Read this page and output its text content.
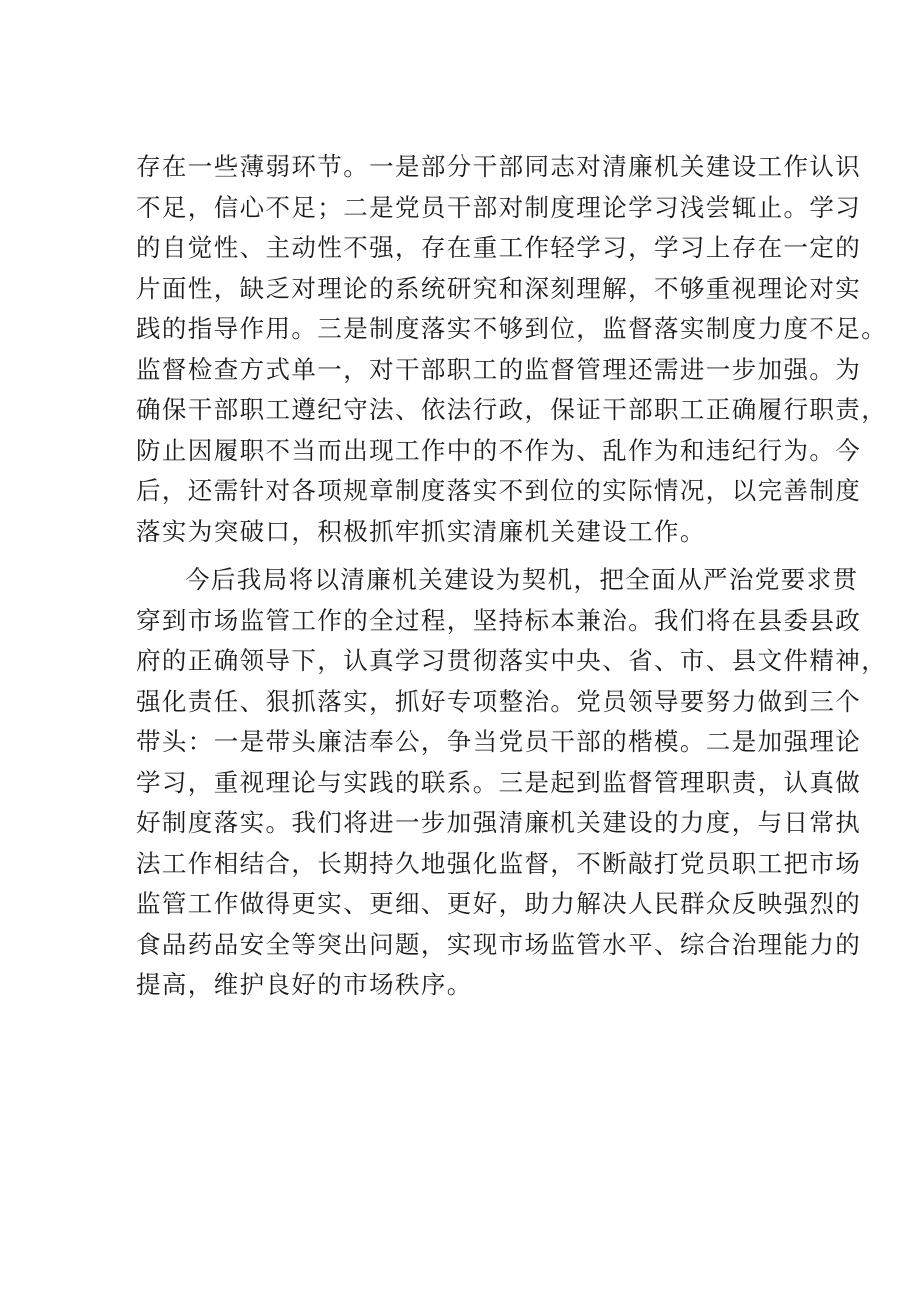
存在一些薄弱环节。一是部分干部同志对清廉机关建设工作认识
不足，信心不足；二是党员干部对制度理论学习浅尝辄止。学习
的自觉性、主动性不强，存在重工作轻学习，学习上存在一定的
片面性，缺乏对理论的系统研究和深刻理解，不够重视理论对实
践的指导作用。三是制度落实不够到位，监督落实制度力度不足。
监督检查方式单一，对干部职工的监督管理还需进一步加强。为
确保干部职工遵纪守法、依法行政，保证干部职工正确履行职责，
防止因履职不当而出现工作中的不作为、乱作为和违纪行为。今
后，还需针对各项规章制度落实不到位的实际情况，以完善制度
落实为突破口，积极抓牢抓实清廉机关建设工作。
今后我局将以清廉机关建设为契机，把全面从严治党要求贯
穿到市场监管工作的全过程，坚持标本兼治。我们将在县委县政
府的正确领导下，认真学习贯彻落实中央、省、市、县文件精神，
强化责任、狠抓落实，抓好专项整治。党员领导要努力做到三个
带头：一是带头廉洁奉公，争当党员干部的楷模。二是加强理论
学习，重视理论与实践的联系。三是起到监督管理职责，认真做
好制度落实。我们将进一步加强清廉机关建设的力度，与日常执
法工作相结合，长期持久地强化监督，不断敲打党员职工把市场
监管工作做得更实、更细、更好，助力解决人民群众反映强烈的
食品药品安全等突出问题，实现市场监管水平、综合治理能力的
提高，维护良好的市场秩序。
